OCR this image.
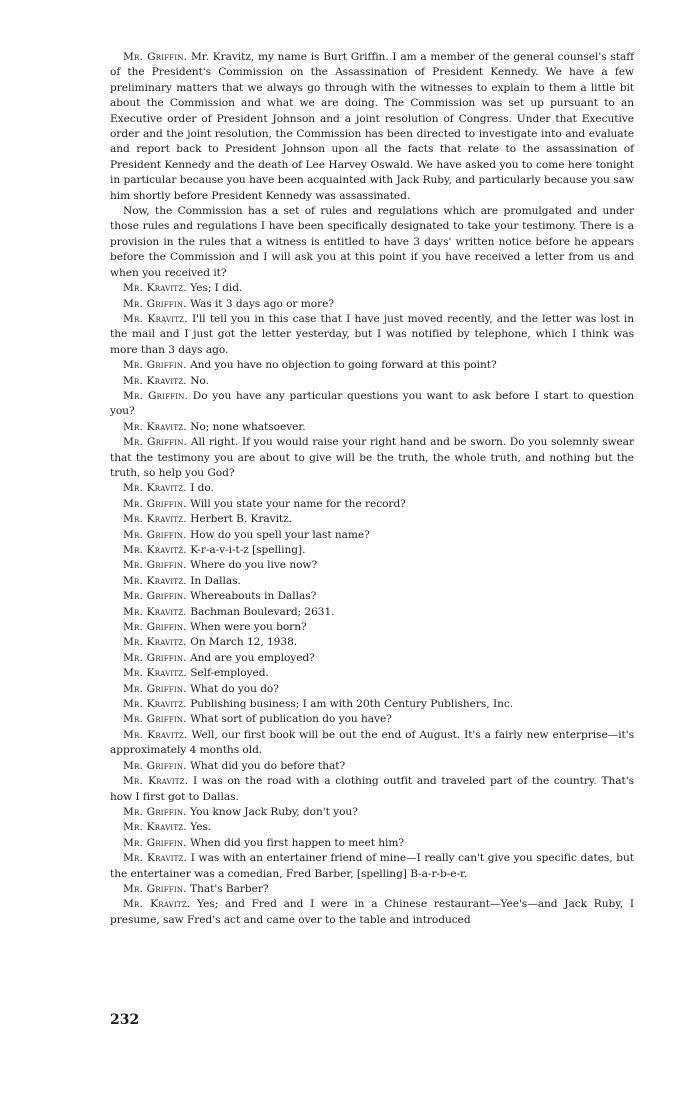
Mr. Griffin. Mr. Kravitz, my name is Burt Griffin. I am a member of the general counsel's staff of the President's Commission on the Assassination of President Kennedy. We have a few preliminary matters that we always go through with the witnesses to explain to them a little bit about the Commission and what we are doing. The Commission was set up pursuant to an Executive order of President Johnson and a joint resolution of Congress. Under that Executive order and the joint resolution, the Commission has been directed to investigate into and evaluate and report back to President Johnson upon all the facts that relate to the assassination of President Kennedy and the death of Lee Harvey Oswald. We have asked you to come here tonight in particular because you have been acquainted with Jack Ruby, and particularly because you saw him shortly before President Kennedy was assassinated.

Now, the Commission has a set of rules and regulations which are promulgated and under those rules and regulations I have been specifically designated to take your testimony. There is a provision in the rules that a witness is entitled to have 3 days' written notice before he appears before the Commission and I will ask you at this point if you have received a letter from us and when you received it?

Mr. Kravitz. Yes; I did.

Mr. Griffin. Was it 3 days ago or more?

Mr. Kravitz. I'll tell you in this case that I have just moved recently, and the letter was lost in the mail and I just got the letter yesterday, but I was notified by telephone, which I think was more than 3 days ago.

Mr. Griffin. And you have no objection to going forward at this point?

Mr. Kravitz. No.

Mr. Griffin. Do you have any particular questions you want to ask before I start to question you?

Mr. Kravitz. No; none whatsoever.

Mr. Griffin. All right. If you would raise your right hand and be sworn. Do you solemnly swear that the testimony you are about to give will be the truth, the whole truth, and nothing but the truth, so help you God?

Mr. Kravitz. I do.

Mr. Griffin. Will you state your name for the record?

Mr. Kravitz. Herbert B. Kravitz.

Mr. Griffin. How do you spell your last name?

Mr. Kravitz. K-r-a-v-i-t-z [spelling].

Mr. Griffin. Where do you live now?

Mr. Kravitz. In Dallas.

Mr. Griffin. Whereabouts in Dallas?

Mr. Kravitz. Bachman Boulevard; 2631.

Mr. Griffin. When were you born?

Mr. Kravitz. On March 12, 1938.

Mr. Griffin. And are you employed?

Mr. Kravitz. Self-employed.

Mr. Griffin. What do you do?

Mr. Kravitz. Publishing business; I am with 20th Century Publishers, Inc.

Mr. Griffin. What sort of publication do you have?

Mr. Kravitz. Well, our first book will be out the end of August. It's a fairly new enterprise—it's approximately 4 months old.

Mr. Griffin. What did you do before that?

Mr. Kravitz. I was on the road with a clothing outfit and traveled part of the country. That's how I first got to Dallas.

Mr. Griffin. You know Jack Ruby, don't you?

Mr. Kravitz. Yes.

Mr. Griffin. When did you first happen to meet him?

Mr. Kravitz. I was with an entertainer friend of mine—I really can't give you specific dates, but the entertainer was a comedian, Fred Barber, [spelling] B-a-r-b-e-r.

Mr. Griffin. That's Barber?

Mr. Kravitz. Yes; and Fred and I were in a Chinese restaurant—Yee's—and Jack Ruby, I presume, saw Fred's act and came over to the table and introduced

232
